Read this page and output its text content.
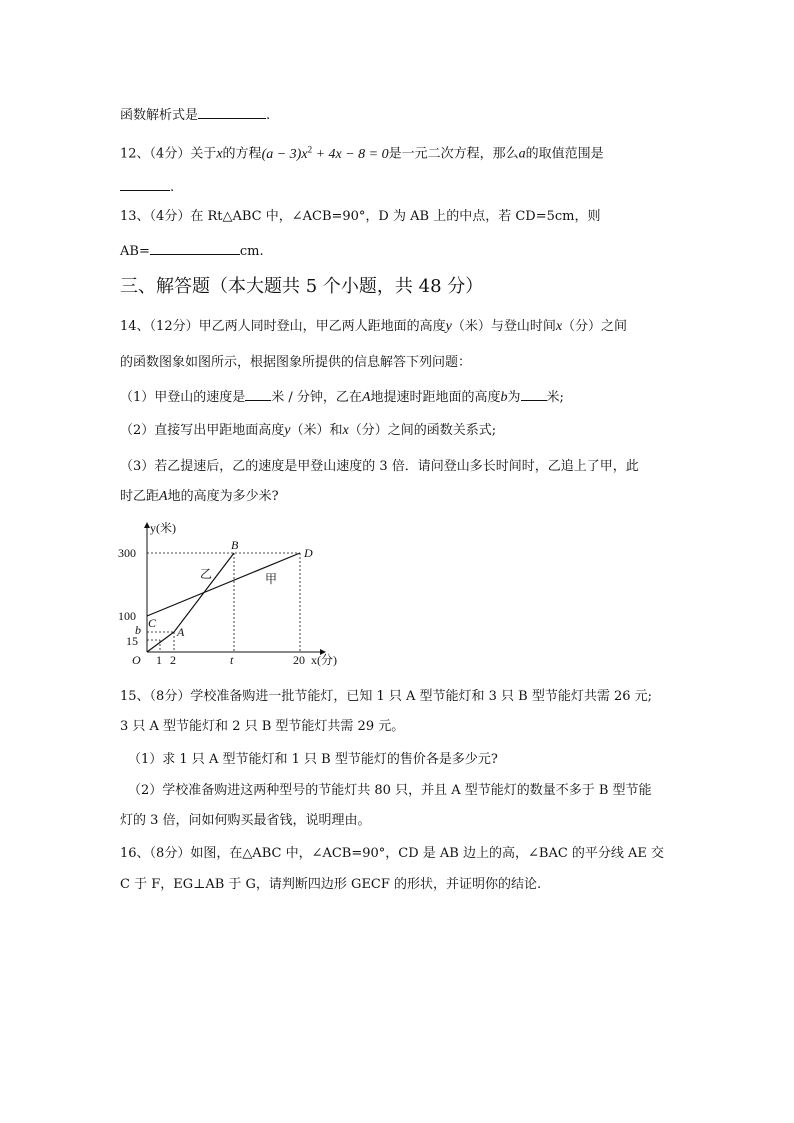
函数解析式是	.
12、（4分）关于x的方程$(a - 3)x^2 + 4x - 8 = 0$是一元二次方程，那么a的取值范围是
.
13、（4分）在 Rt△ABC 中，∠ACB=90°，D 为 AB 上的中点，若 CD=5cm，则
AB=	cm.
三、解答题（本大题共 5 个小题，共 48 分）
14、（12分）甲乙两人同时登山，甲乙两人距地面的高度y（米）与登山时间x（分）之间
的函数图象如图所示，根据图象所提供的信息解答下列问题：
（1）甲登山的速度是 米 / 分钟，乙在A地提速时距地面的高度b为 米;
（2）直接写出甲距地面高度y（米）和x（分）之间的函数关系式;
（3）若乙提速后，乙的速度是甲登山速度的 3 倍．请问登山多长时间时，乙追上了甲，此
时乙距A地的高度为多少米?
y(米)
x(分)
O
300
100
b
15
1 2	t	20
B
D
C
A
乙	甲
15、（8分）学校准备购进一批节能灯，已知 1 只 A 型节能灯和 3 只 B 型节能灯共需 26 元;
3 只 A 型节能灯和 2 只 B 型节能灯共需 29 元。
（1）求 1 只 A 型节能灯和 1 只 B 型节能灯的售价各是多少元?
（2）学校准备购进这两种型号的节能灯共 80 只，并且 A 型节能灯的数量不多于 B 型节能
灯的 3 倍，问如何购买最省钱，说明理由。
16、（8分）如图，在△ABC 中，∠ACB=90°，CD 是 AB 边上的高，∠BAC 的平分线 AE 交
C 于 F，EG⊥AB 于 G，请判断四边形 GECF 的形状，并证明你的结论.
